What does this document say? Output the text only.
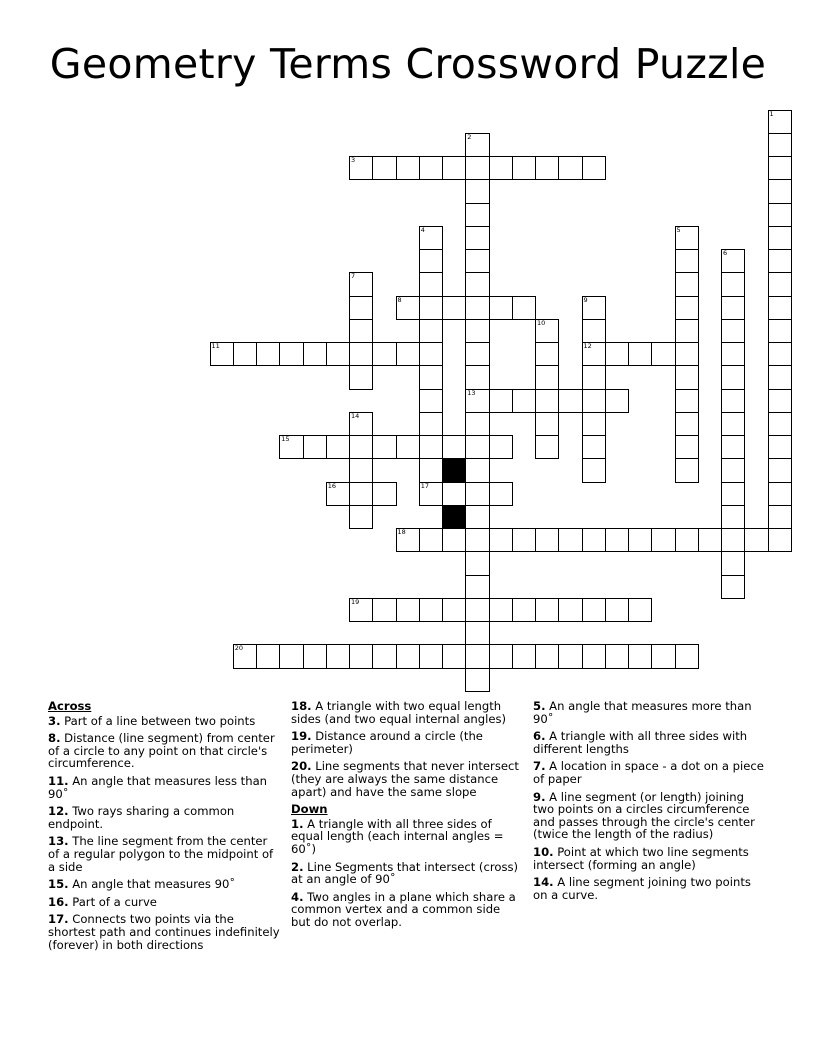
Geometry Terms Crossword Puzzle
1
2
13
3
4	5
6
7
8	9
12
10
11
14
15
16	17
18
19
20
Across
3. Part of a line between two points
8. Distance (line segment) from center of a circle to any point on that circle's circumference.
11. An angle that measures less than 90˚
12. Two rays sharing a common endpoint.
13. The line segment from the center of a regular polygon to the midpoint of a side
15. An angle that measures 90˚
16. Part of a curve
17. Connects two points via the shortest path and continues indefinitely (forever) in both directions
18. A triangle with two equal length sides (and two equal internal angles)
19. Distance around a circle (the perimeter)
20. Line segments that never intersect (they are always the same distance apart) and have the same slope
Down
1. A triangle with all three sides of equal length (each internal angles = 60˚)
2. Line Segments that intersect (cross) at an angle of 90˚
4. Two angles in a plane which share a common vertex and a common side but do not overlap.
5. An angle that measures more than 90˚
6. A triangle with all three sides with different lengths
7. A location in space - a dot on a piece of paper
9. A line segment (or length) joining two points on a circles circumference and passes through the circle's center (twice the length of the radius)
10. Point at which two line segments intersect (forming an angle)
14. A line segment joining two points on a curve.
